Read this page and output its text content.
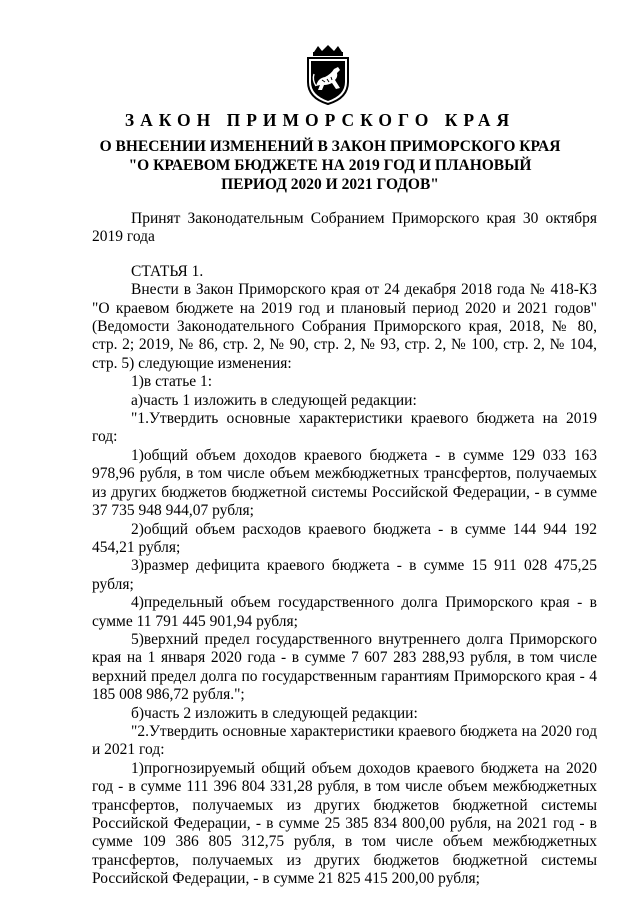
ЗАКОН ПРИМОРСКОГО КРАЯ
О ВНЕСЕНИИ ИЗМЕНЕНИЙ В ЗАКОН ПРИМОРСКОГО КРАЯ
"О КРАЕВОМ БЮДЖЕТЕ НА 2019 ГОД И ПЛАНОВЫЙ
ПЕРИОД 2020 И 2021 ГОДОВ"

Принят Законодательным Собранием Приморского края 30 октября 2019 года

СТАТЬЯ 1.

Внести в Закон Приморского края от 24 декабря 2018 года № 418-КЗ "О краевом бюджете на 2019 год и плановый период 2020 и 2021 годов" (Ведомости Законодательного Собрания Приморского края, 2018, № 80, стр. 2; 2019, № 86, стр. 2, № 90, стр. 2, № 93, стр. 2, № 100, стр. 2, № 104, стр. 5) следующие изменения:

1)в статье 1:

а)часть 1 изложить в следующей редакции:

"1.Утвердить основные характеристики краевого бюджета на 2019 год:

1)общий объем доходов краевого бюджета - в сумме 129 033 163 978,96 рубля, в том числе объем межбюджетных трансфертов, получаемых из других бюджетов бюджетной системы Российской Федерации, - в сумме 37 735 948 944,07 рубля;

2)общий объем расходов краевого бюджета - в сумме 144 944 192 454,21 рубля;

3)размер дефицита краевого бюджета - в сумме 15 911 028 475,25 рубля;

4)предельный объем государственного долга Приморского края - в сумме 11 791 445 901,94 рубля;

5)верхний предел государственного внутреннего долга Приморского края на 1 января 2020 года - в сумме 7 607 283 288,93 рубля, в том числе верхний предел долга по государственным гарантиям Приморского края - 4 185 008 986,72 рубля.";

б)часть 2 изложить в следующей редакции:

"2.Утвердить основные характеристики краевого бюджета на 2020 год и 2021 год:

1)прогнозируемый общий объем доходов краевого бюджета на 2020 год - в сумме 111 396 804 331,28 рубля, в том числе объем межбюджетных трансфертов, получаемых из других бюджетов бюджетной системы Российской Федерации, - в сумме 25 385 834 800,00 рубля, на 2021 год - в сумме 109 386 805 312,75 рубля, в том числе объем межбюджетных трансфертов, получаемых из других бюджетов бюджетной системы Российской Федерации, - в сумме 21 825 415 200,00 рубля;
